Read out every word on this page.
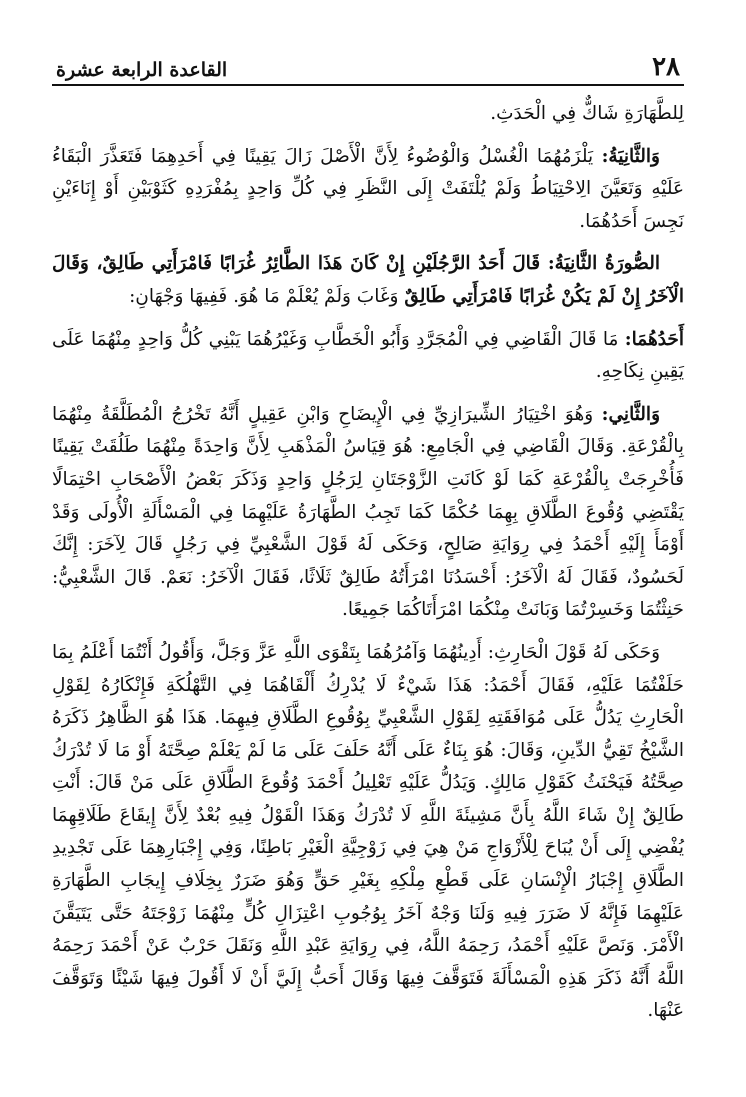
٢٨
القاعدة الرابعة عشرة

لِلطَّهَارَةِ شَاكٌّ فِي الْحَدَثِ.

وَالثَّانِيَةُ: يَلْزَمُهُمَا الْغُسْلُ وَالْوُضُوءُ لِأَنَّ الْأَصْلَ زَالَ يَقِينًا فِي أَحَدِهِمَا فَتَعَذَّرَ الْبَقَاءُ عَلَيْهِ وَتَعَيَّنَ الِاحْتِيَاطُ وَلَمْ يُلْتَفَتْ إِلَى النَّظَرِ فِي كُلِّ وَاحِدٍ بِمُفْرَدِهِ كَثَوْبَيْنِ أَوْ إِنَاءَيْنِ نَجِسَ أَحَدُهُمَا.

الصُّورَةُ الثَّانِيَةُ: قَالَ أَحَدُ الرَّجُلَيْنِ إِنْ كَانَ هَذَا الطَّائِرُ غُرَابًا فَامْرَأَتِي طَالِقٌ، وَقَالَ الْآخَرُ إِنْ لَمْ يَكُنْ غُرَابًا فَامْرَأَتِي طَالِقٌ وَغَابَ وَلَمْ يُعْلَمْ مَا هُوَ. فَفِيهَا وَجْهَانِ:

أَحَدُهُمَا: مَا قَالَ الْقَاضِي فِي الْمُجَرَّدِ وَأَبُو الْخَطَّابِ وَغَيْرُهُمَا يَبْنِي كُلُّ وَاحِدٍ مِنْهُمَا عَلَى يَقِينِ نِكَاحِهِ.

وَالثَّانِي: وَهُوَ اخْتِيَارُ الشِّيرَازِيِّ فِي الْإِيضَاحِ وَابْنِ عَقِيلٍ أَنَّهُ تَخْرُجُ الْمُطَلَّقَةُ مِنْهُمَا بِالْقُرْعَةِ. وَقَالَ الْقَاضِي فِي الْجَامِعِ: هُوَ قِيَاسُ الْمَذْهَبِ لِأَنَّ وَاحِدَةً مِنْهُمَا طَلُقَتْ يَقِينًا فَأُخْرِجَتْ بِالْقُرْعَةِ كَمَا لَوْ كَانَتِ الزَّوْجَتَانِ لِرَجُلٍ وَاحِدٍ وَذَكَرَ بَعْضُ الْأَصْحَابِ احْتِمَالًا يَقْتَضِي وُقُوعَ الطَّلَاقِ بِهِمَا حُكْمًا كَمَا تَجِبُ الطَّهَارَةُ عَلَيْهِمَا فِي الْمَسْأَلَةِ الْأُولَى وَقَدْ أَوْمَأَ إِلَيْهِ أَحْمَدُ فِي رِوَايَةِ صَالِحٍ، وَحَكَى لَهُ قَوْلَ الشَّعْبِيِّ فِي رَجُلٍ قَالَ لِآخَرَ: إِنَّكَ لَحَسُودٌ، فَقَالَ لَهُ الْآخَرُ: أَحْسَدُنَا امْرَأَتُهُ طَالِقٌ ثَلَاثًا، فَقَالَ الْآخَرُ: نَعَمْ. قَالَ الشَّعْبِيُّ: حَنِثْتُمَا وَخَسِرْتُمَا وَبَانَتْ مِنْكُمَا امْرَأَتَاكُمَا جَمِيعًا.

وَحَكَى لَهُ قَوْلَ الْحَارِثِ: أَدِينُهُمَا وَآمُرُهُمَا بِتَقْوَى اللَّهِ عَزَّ وَجَلَّ، وَأَقُولُ أَنْتُمَا أَعْلَمُ بِمَا حَلَفْتُمَا عَلَيْهِ، فَقَالَ أَحْمَدُ: هَذَا شَيْءٌ لَا يُدْرِكُ أَلْقَاهُمَا فِي التَّهْلُكَةِ فَإِنْكَارُهُ لِقَوْلِ الْحَارِثِ يَدُلُّ عَلَى مُوَافَقَتِهِ لِقَوْلِ الشَّعْبِيِّ بِوُقُوعِ الطَّلَاقِ فِيهِمَا. هَذَا هُوَ الظَّاهِرُ ذَكَرَهُ الشَّيْخُ تَقِيُّ الدِّينِ، وَقَالَ: هُوَ بِنَاءٌ عَلَى أَنَّهُ حَلَفَ عَلَى مَا لَمْ يَعْلَمْ صِحَّتَهُ أَوْ مَا لَا تُدْرَكُ صِحَّتُهُ فَيَحْنَثُ كَقَوْلِ مَالِكٍ. وَيَدُلُّ عَلَيْهِ تَعْلِيلُ أَحْمَدَ وُقُوعَ الطَّلَاقِ عَلَى مَنْ قَالَ: أَنْتِ طَالِقٌ إِنْ شَاءَ اللَّهُ بِأَنَّ مَشِيئَةَ اللَّهِ لَا تُدْرَكُ وَهَذَا الْقَوْلُ فِيهِ بُعْدٌ لِأَنَّ إِيقَاعَ طَلَاقِهِمَا يُفْضِي إِلَى أَنْ يُبَاحَ لِلْأَزْوَاجِ مَنْ هِيَ فِي زَوْجِيَّةِ الْغَيْرِ بَاطِنًا، وَفِي إِجْبَارِهِمَا عَلَى تَجْدِيدِ الطَّلَاقِ إِجْبَارُ الْإِنْسَانِ عَلَى قَطْعِ مِلْكِهِ بِغَيْرِ حَقٍّ وَهُوَ ضَرَرٌ بِخِلَافِ إِيجَابِ الطَّهَارَةِ عَلَيْهِمَا فَإِنَّهُ لَا ضَرَرَ فِيهِ وَلَنَا وَجْهٌ آخَرُ بِوُجُوبِ اعْتِزَالِ كُلٍّ مِنْهُمَا زَوْجَتَهُ حَتَّى يَتَيَقَّنَ الْأَمْرَ. وَنَصَّ عَلَيْهِ أَحْمَدُ، رَحِمَهُ اللَّهُ، فِي رِوَايَةِ عَبْدِ اللَّهِ وَنَقَلَ حَرْبٌ عَنْ أَحْمَدَ رَحِمَهُ اللَّهُ أَنَّهُ ذَكَرَ هَذِهِ الْمَسْأَلَةَ فَتَوَقَّفَ فِيهَا وَقَالَ أَحَبُّ إِلَيَّ أَنْ لَا أَقُولَ فِيهَا شَيْئًا وَتَوَقَّفَ عَنْهَا.
